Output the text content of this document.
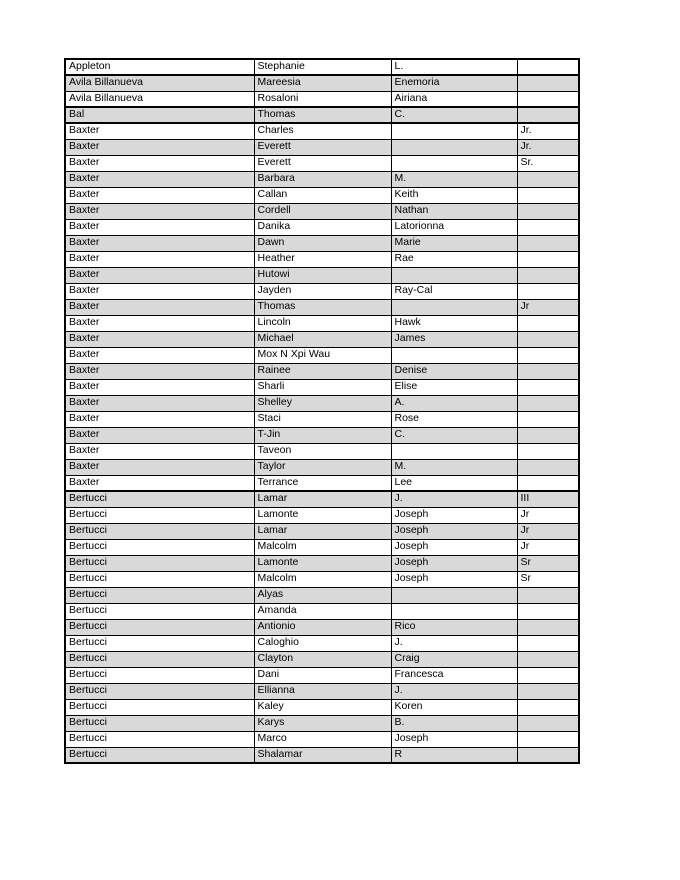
Appleton	Stephanie	L.	
Avila Billanueva	Mareesia	Enemoria	
Avila Billanueva	Rosaloni	Airiana	
Bal	Thomas	C.	
Baxter	Charles		Jr.
Baxter	Everett		Jr.
Baxter	Everett		Sr.
Baxter	Barbara	M.	
Baxter	Callan	Keith	
Baxter	Cordell	Nathan	
Baxter	Danika	Latorionna	
Baxter	Dawn	Marie	
Baxter	Heather	Rae	
Baxter	Hutowi		
Baxter	Jayden	Ray-Cal	
Baxter	Thomas		Jr
Baxter	Lincoln	Hawk	
Baxter	Michael	James	
Baxter	Mox N Xpi Wau		
Baxter	Rainee	Denise	
Baxter	Sharli	Elise	
Baxter	Shelley	A.	
Baxter	Staci	Rose	
Baxter	T-Jin	C.	
Baxter	Taveon		
Baxter	Taylor	M.	
Baxter	Terrance	Lee	
Bertucci	Lamar	J.	III
Bertucci	Lamonte	Joseph	Jr
Bertucci	Lamar	Joseph	Jr
Bertucci	Malcolm	Joseph	Jr
Bertucci	Lamonte	Joseph	Sr
Bertucci	Malcolm	Joseph	Sr
Bertucci	Alyas		
Bertucci	Amanda		
Bertucci	Antionio	Rico	
Bertucci	Caloghio	J.	
Bertucci	Clayton	Craig	
Bertucci	Dani	Francesca	
Bertucci	Ellianna	J.	
Bertucci	Kaley	Koren	
Bertucci	Karys	B.	
Bertucci	Marco	Joseph	
Bertucci	Shalamar	R	
